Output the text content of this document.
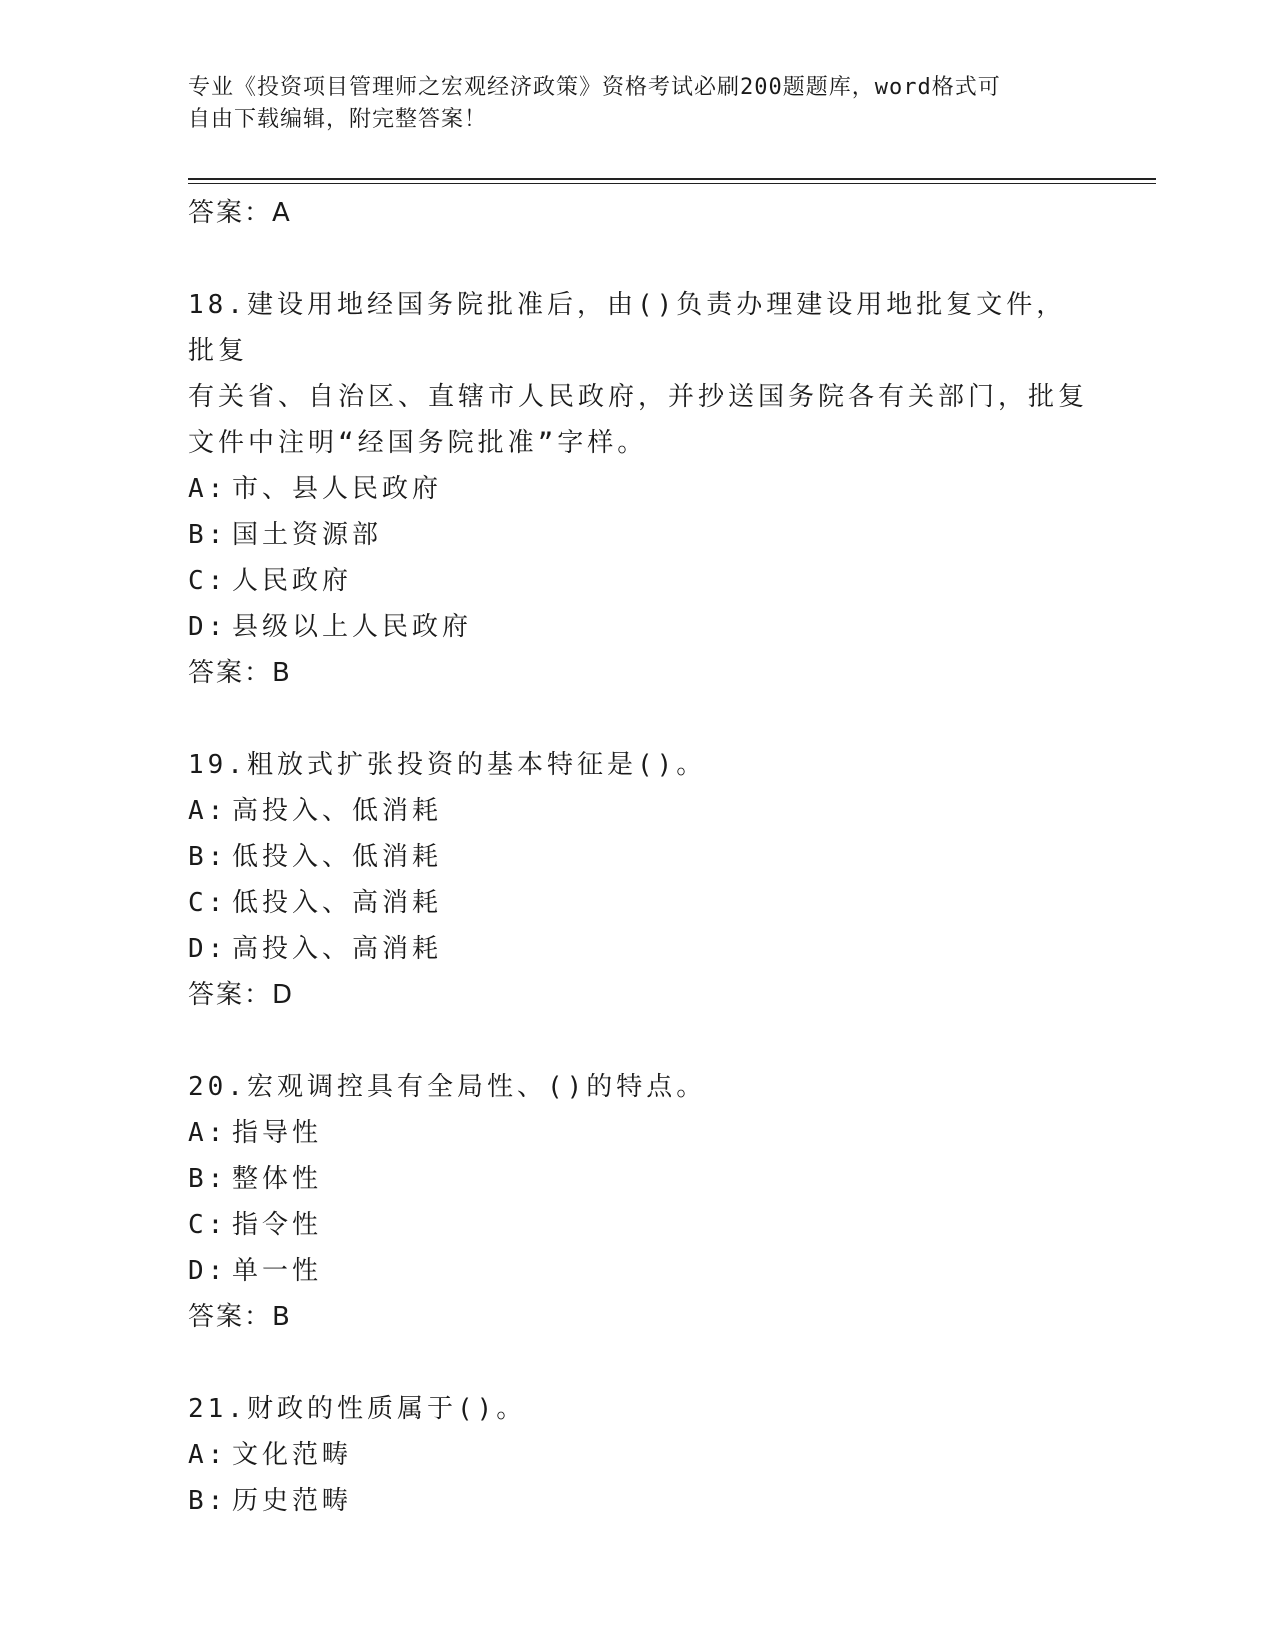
专业《投资项目管理师之宏观经济政策》资格考试必刷200题题库，word格式可
自由下载编辑，附完整答案！
答案：A
18.建设用地经国务院批准后，由()负责办理建设用地批复文件，批复
有关省、自治区、直辖市人民政府，并抄送国务院各有关部门，批复
文件中注明“经国务院批准”字样。
A: 市、县人民政府
B: 国土资源部
C: 人民政府
D: 县级以上人民政府
答案：B
19.粗放式扩张投资的基本特征是()。
A: 高投入、低消耗
B: 低投入、低消耗
C: 低投入、高消耗
D: 高投入、高消耗
答案：D
20.宏观调控具有全局性、()的特点。
A: 指导性
B: 整体性
C: 指令性
D: 单一性
答案：B
21.财政的性质属于()。
A: 文化范畴
B: 历史范畴
